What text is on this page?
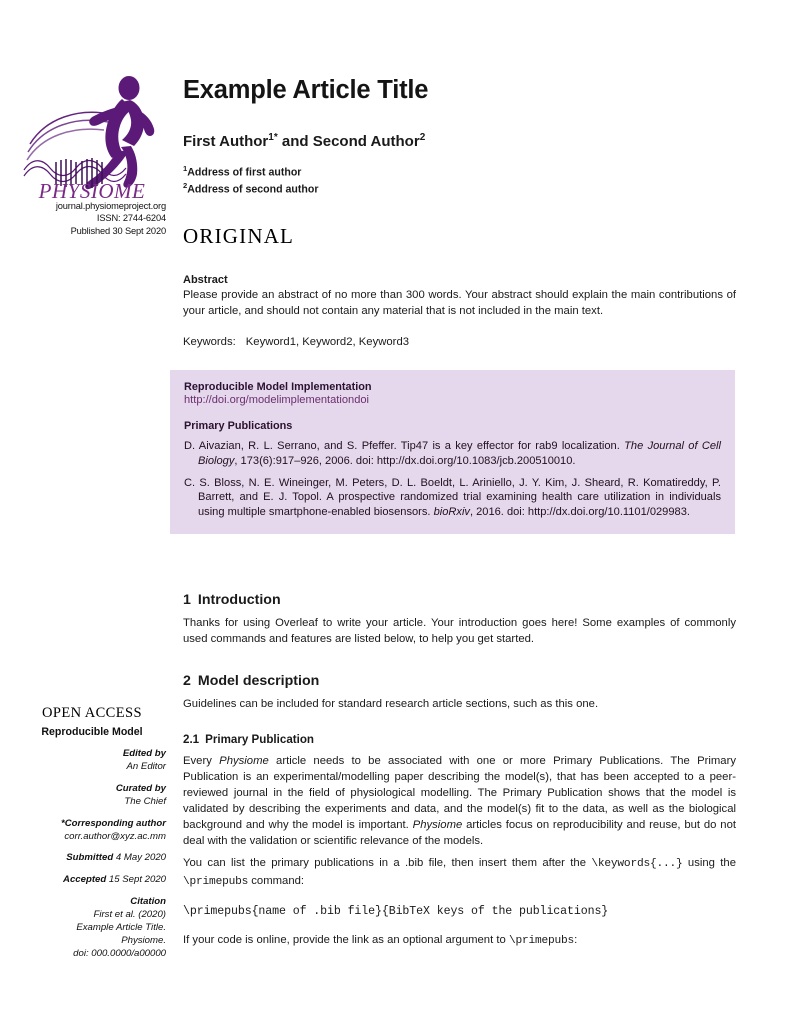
PHYSIOME
journal.physiomeproject.org
ISSN: 2744-6204
Published 30 Sept 2020
Example Article Title
First Author$^{1*}$ and Second Author$^2$
$^1$Address of first author
$^2$Address of second author
ORIGINAL
Abstract
Please provide an abstract of no more than 300 words. Your abstract should explain the main contributions of your article, and should not contain any material that is not included in the main text.
Keywords: Keyword1, Keyword2, Keyword3
Reproducible Model Implementation
http://doi.org/modelimplementationdoi
Primary Publications
D. Aivazian, R. L. Serrano, and S. Pfeffer. Tip47 is a key effector for rab9 localization. The Journal of Cell Biology, 173(6):917–926, 2006. doi: http://dx.doi.org/10.1083/jcb.200510010.
C. S. Bloss, N. E. Wineinger, M. Peters, D. L. Boeldt, L. Ariniello, J. Y. Kim, J. Sheard, R. Komatireddy, P. Barrett, and E. J. Topol. A prospective randomized trial examining health care utilization in individuals using multiple smartphone-enabled biosensors. bioRxiv, 2016. doi: http://dx.doi.org/10.1101/029983.
OPEN ACCESS
Reproducible Model
Edited by
An Editor
Curated by
The Chief
*Corresponding author
corr.author@xyz.ac.mm
Submitted 4 May 2020
Accepted 15 Sept 2020
Citation
First et al. (2020)
Example Article Title.
Physiome.
doi: 000.0000/a00000
1 Introduction

Thanks for using Overleaf to write your article. Your introduction goes here! Some examples of commonly used commands and features are listed below, to help you get started.

2 Model description

Guidelines can be included for standard research article sections, such as this one.

2.1 Primary Publication

Every Physiome article needs to be associated with one or more Primary Publications. The Primary Publication is an experimental/modelling paper describing the model(s), that has been accepted to a peer-reviewed journal in the field of physiological modelling. The Primary Publication shows that the model is validated by describing the experiments and data, and the model(s) fit to the data, as well as the biological background and why the model is important. Physiome articles focus on reproducibility and reuse, but do not deal with the validation or scientific relevance of the models.

You can list the primary publications in a .bib file, then insert them after the \keywords{...} using the \primepubs command:

\primepubs{name of .bib file}{BibTeX keys of the publications}

If your code is online, provide the link as an optional argument to \primepubs:
